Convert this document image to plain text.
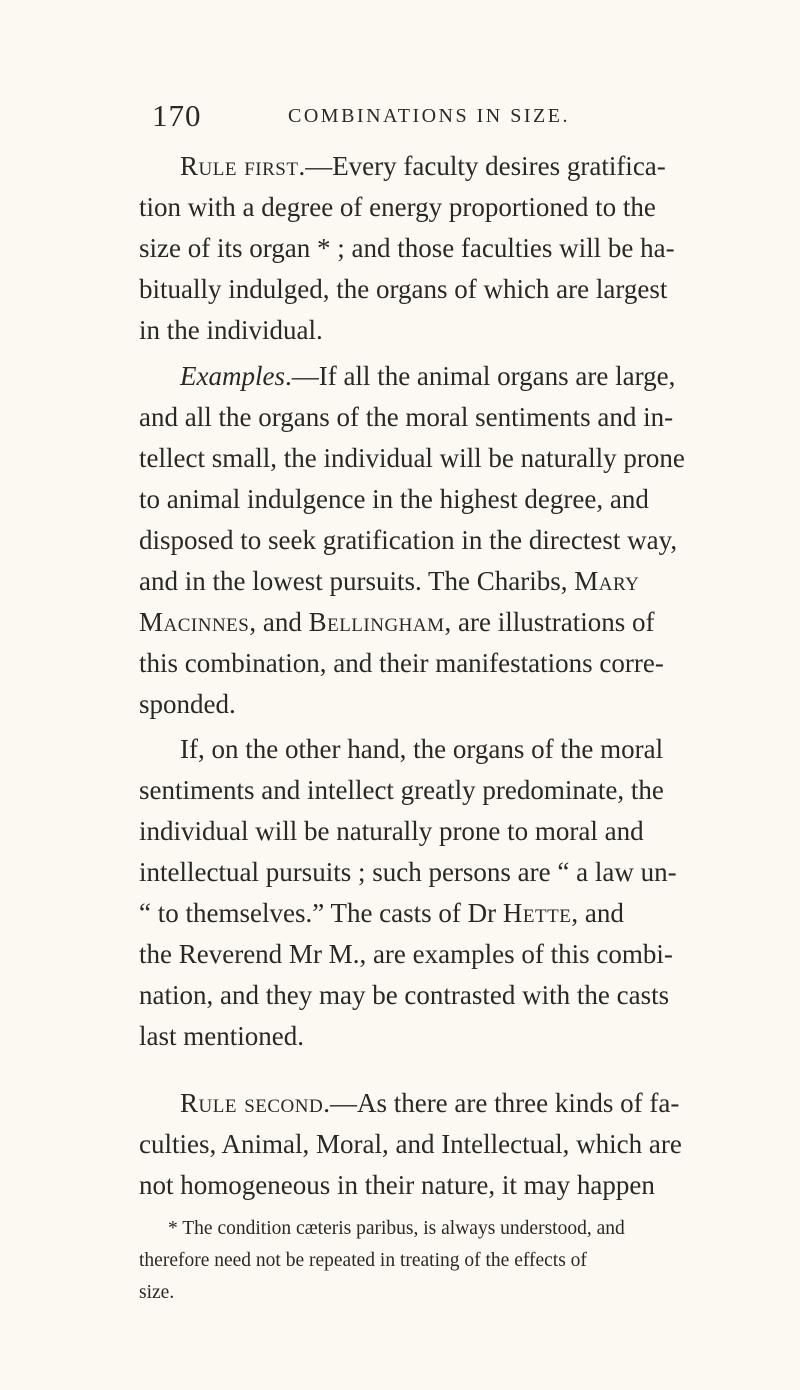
170	COMBINATIONS IN SIZE.
Rule first.—Every faculty desires gratifica-
tion with a degree of energy proportioned to the
size of its organ * ; and those faculties will be ha-
bitually indulged, the organs of which are largest
in the individual.
Examples.—If all the animal organs are large,
and all the organs of the moral sentiments and in-
tellect small, the individual will be naturally prone
to animal indulgence in the highest degree, and
disposed to seek gratification in the directest way,
and in the lowest pursuits. The Charibs, Mary
Macinnes, and Bellingham, are illustrations of
this combination, and their manifestations corre-
sponded.
If, on the other hand, the organs of the moral
sentiments and intellect greatly predominate, the
individual will be naturally prone to moral and
intellectual pursuits ; such persons are “ a law un-
“ to themselves.” The casts of Dr Hette, and
the Reverend Mr M., are examples of this combi-
nation, and they may be contrasted with the casts
last mentioned.
Rule second.—As there are three kinds of fa-
culties, Animal, Moral, and Intellectual, which are
not homogeneous in their nature, it may happen
* The condition cæteris paribus, is always understood, and
therefore need not be repeated in treating of the effects of
size.
